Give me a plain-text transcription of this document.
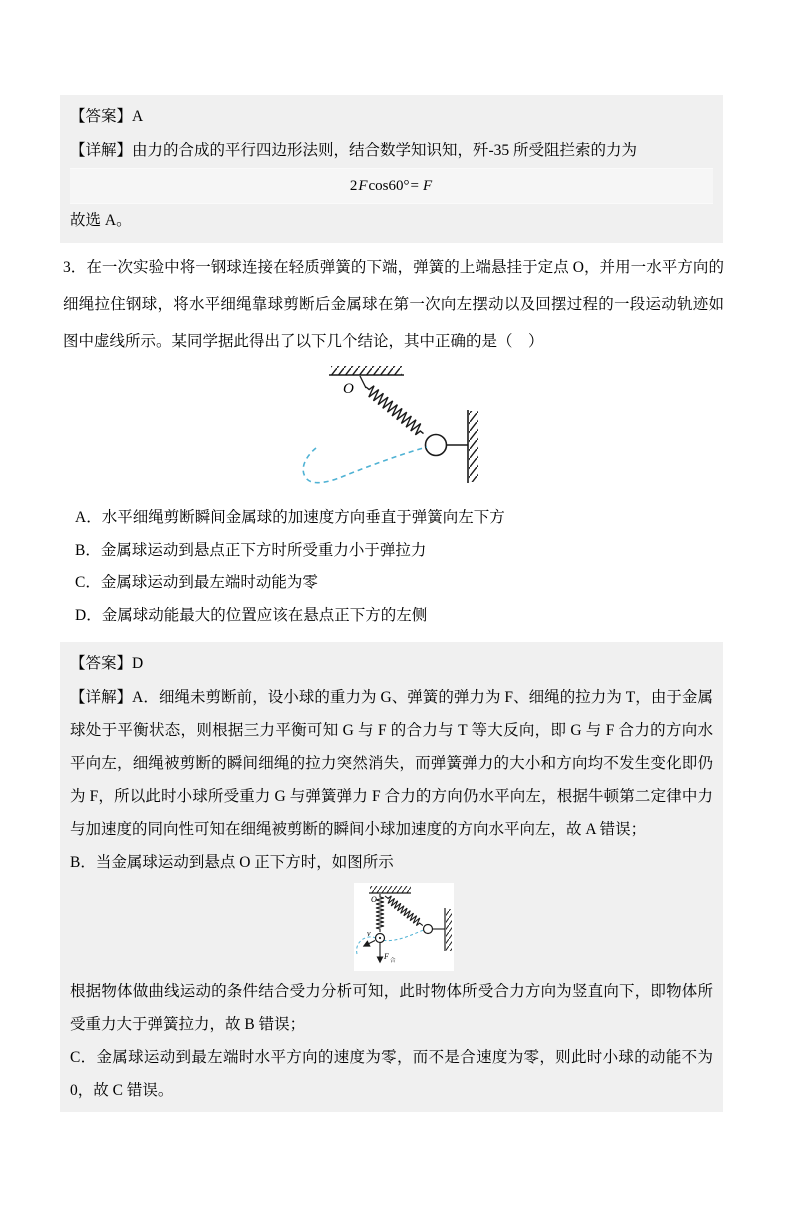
【答案】A

【详解】由力的合成的平行四边形法则，结合数学知识知，歼-35 所受阻拦索的力为

2Fcos60°= F

故选 A。

3．在一次实验中将一钢球连接在轻质弹簧的下端，弹簧的上端悬挂于定点 O，并用一水平方向的细绳拉住钢球，将水平细绳靠球剪断后金属球在第一次向左摆动以及回摆过程的一段运动轨迹如图中虚线所示。某同学据此得出了以下几个结论，其中正确的是（　）

O

A．水平细绳剪断瞬间金属球的加速度方向垂直于弹簧向左下方

B．金属球运动到悬点正下方时所受重力小于弹拉力

C．金属球运动到最左端时动能为零

D．金属球动能最大的位置应该在悬点正下方的左侧

【答案】D

【详解】A．细绳未剪断前，设小球的重力为 G、弹簧的弹力为 F、细绳的拉力为 T，由于金属球处于平衡状态，则根据三力平衡可知 G 与 F 的合力与 T 等大反向，即 G 与 F 合力的方向水平向左，细绳被剪断的瞬间细绳的拉力突然消失，而弹簧弹力的大小和方向均不发生变化即仍为 F，所以此时小球所受重力 G 与弹簧弹力 F 合力的方向仍水平向左，根据牛顿第二定律中力与加速度的同向性可知在细绳被剪断的瞬间小球加速度的方向水平向左，故 A 错误；

B．当金属球运动到悬点 O 正下方时，如图所示

O
v
F 合

根据物体做曲线运动的条件结合受力分析可知，此时物体所受合力方向为竖直向下，即物体所受重力大于弹簧拉力，故 B 错误；

C．金属球运动到最左端时水平方向的速度为零，而不是合速度为零，则此时小球的动能不为 0，故 C 错误。
